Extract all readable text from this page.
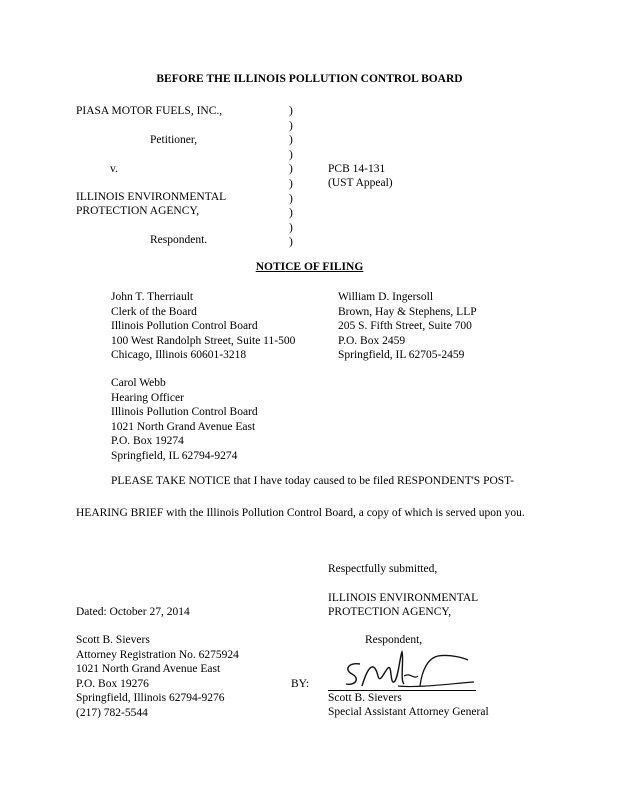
BEFORE THE ILLINOIS POLLUTION CONTROL BOARD
PIASA MOTOR FUELS, INC.,
Petitioner,
v.
ILLINOIS ENVIRONMENTAL
PROTECTION AGENCY,
Respondent.
)
)
)
)
)
)
)
)
)
)
PCB 14-131
(UST Appeal)
NOTICE OF FILING
John T. Therriault
Clerk of the Board
Illinois Pollution Control Board
100 West Randolph Street, Suite 11-500
Chicago, Illinois 60601-3218
William D. Ingersoll
Brown, Hay & Stephens, LLP
205 S. Fifth Street, Suite 700
P.O. Box 2459
Springfield, IL 62705-2459
Carol Webb
Hearing Officer
Illinois Pollution Control Board
1021 North Grand Avenue East
P.O. Box 19274
Springfield, IL 62794-9274
PLEASE TAKE NOTICE that I have today caused to be filed RESPONDENT'S POST-
HEARING BRIEF with the Illinois Pollution Control Board, a copy of which is served upon you.
Respectfully submitted,
ILLINOIS ENVIRONMENTAL
PROTECTION AGENCY,
Dated: October 27, 2014
Respondent,
Scott B. Sievers
Attorney Registration No. 6275924
1021 North Grand Avenue East
P.O. Box 19276
Springfield, Illinois 62794-9276
(217) 782-5544
BY:
Scott B. Sievers
Special Assistant Attorney General
